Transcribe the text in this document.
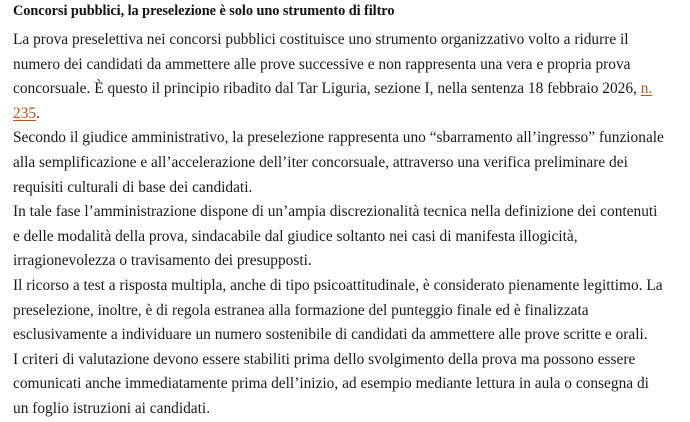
Concorsi pubblici, la preselezione è solo uno strumento di filtro

La prova preselettiva nei concorsi pubblici costituisce uno strumento organizzativo volto a ridurre il numero dei candidati da ammettere alle prove successive e non rappresenta una vera e propria prova concorsuale. È questo il principio ribadito dal Tar Liguria, sezione I, nella sentenza 18 febbraio 2026, n. 235.

Secondo il giudice amministrativo, la preselezione rappresenta uno “sbarramento all’ingresso” funzionale alla semplificazione e all’accelerazione dell’iter concorsuale, attraverso una verifica preliminare dei requisiti culturali di base dei candidati.

In tale fase l’amministrazione dispone di un’ampia discrezionalità tecnica nella definizione dei contenuti e delle modalità della prova, sindacabile dal giudice soltanto nei casi di manifesta illogicità, irragionevolezza o travisamento dei presupposti.

Il ricorso a test a risposta multipla, anche di tipo psicoattitudinale, è considerato pienamente legittimo. La preselezione, inoltre, è di regola estranea alla formazione del punteggio finale ed è finalizzata esclusivamente a individuare un numero sostenibile di candidati da ammettere alle prove scritte e orali.

I criteri di valutazione devono essere stabiliti prima dello svolgimento della prova ma possono essere comunicati anche immediatamente prima dell’inizio, ad esempio mediante lettura in aula o consegna di un foglio istruzioni ai candidati.
